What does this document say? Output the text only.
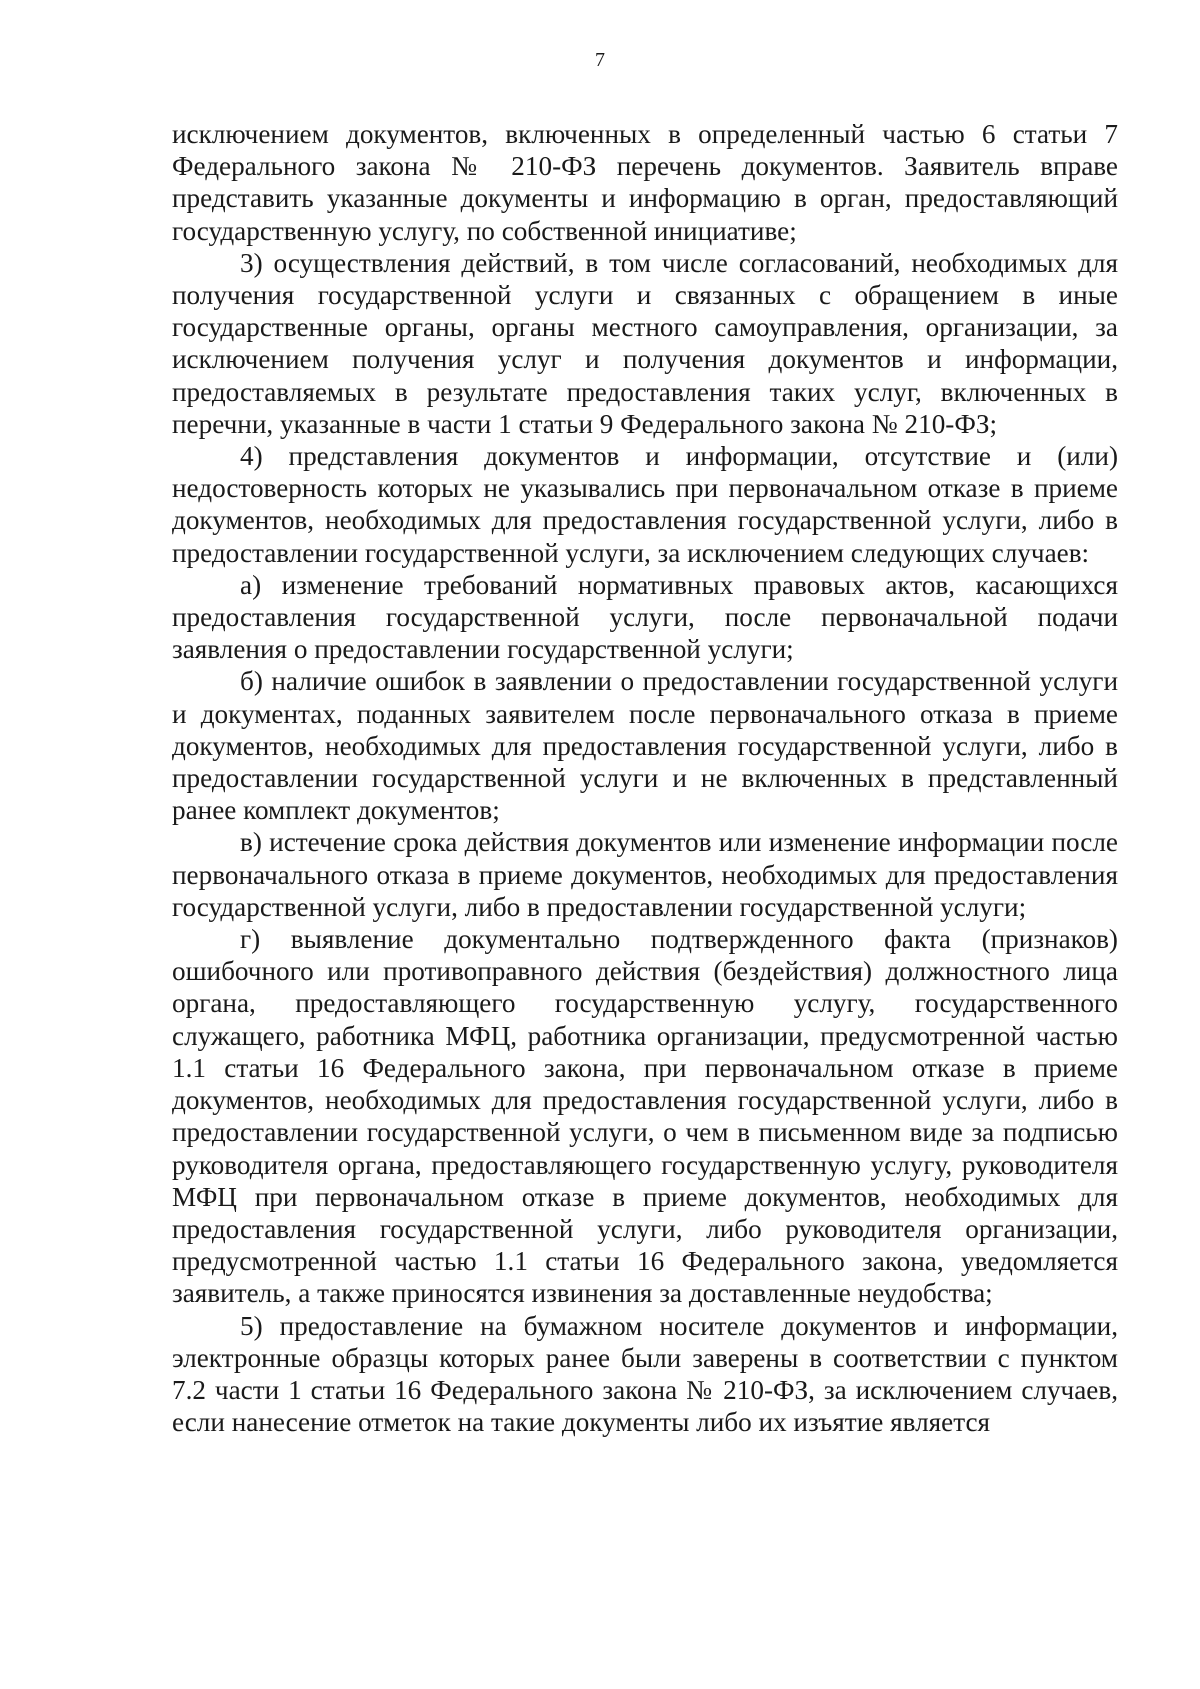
7

исключением документов, включенных в определенный частью 6 статьи 7 Федерального закона № 210-ФЗ перечень документов. Заявитель вправе представить указанные документы и информацию в орган, предоставляющий государственную услугу, по собственной инициативе;

3) осуществления действий, в том числе согласований, необходимых для получения государственной услуги и связанных с обращением в иные государственные органы, органы местного самоуправления, организации, за исключением получения услуг и получения документов и информации, предоставляемых в результате предоставления таких услуг, включенных в перечни, указанные в части 1 статьи 9 Федерального закона № 210-ФЗ;

4) представления документов и информации, отсутствие и (или) недостоверность которых не указывались при первоначальном отказе в приеме документов, необходимых для предоставления государственной услуги, либо в предоставлении государственной услуги, за исключением следующих случаев:

а) изменение требований нормативных правовых актов, касающихся предоставления государственной услуги, после первоначальной подачи заявления о предоставлении государственной услуги;

б) наличие ошибок в заявлении о предоставлении государственной услуги и документах, поданных заявителем после первоначального отказа в приеме документов, необходимых для предоставления государственной услуги, либо в предоставлении государственной услуги и не включенных в представленный ранее комплект документов;

в) истечение срока действия документов или изменение информации после первоначального отказа в приеме документов, необходимых для предоставления государственной услуги, либо в предоставлении государственной услуги;

г) выявление документально подтвержденного факта (признаков) ошибочного или противоправного действия (бездействия) должностного лица органа, предоставляющего государственную услугу, государственного служащего, работника МФЦ, работника организации, предусмотренной частью 1.1 статьи 16 Федерального закона, при первоначальном отказе в приеме документов, необходимых для предоставления государственной услуги, либо в предоставлении государственной услуги, о чем в письменном виде за подписью руководителя органа, предоставляющего государственную услугу, руководителя МФЦ при первоначальном отказе в приеме документов, необходимых для предоставления государственной услуги, либо руководителя организации, предусмотренной частью 1.1 статьи 16 Федерального закона, уведомляется заявитель, а также приносятся извинения за доставленные неудобства;

5) предоставление на бумажном носителе документов и информации, электронные образцы которых ранее были заверены в соответствии с пунктом 7.2 части 1 статьи 16 Федерального закона № 210-ФЗ, за исключением случаев, если нанесение отметок на такие документы либо их изъятие является
